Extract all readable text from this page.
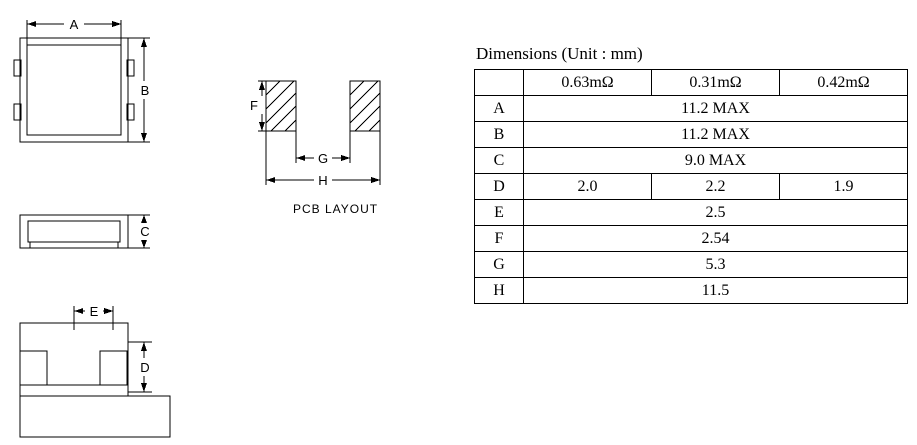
A
B
C
E
D
F
G
H
PCB LAYOUT
Dimensions (Unit : mm)
	0.63mΩ	0.31mΩ	0.42mΩ
A	11.2 MAX		
B	11.2 MAX		
C	9.0 MAX		
D	2.0	2.2	1.9
E	2.5		
F	2.54		
G	5.3		
H	11.5		
